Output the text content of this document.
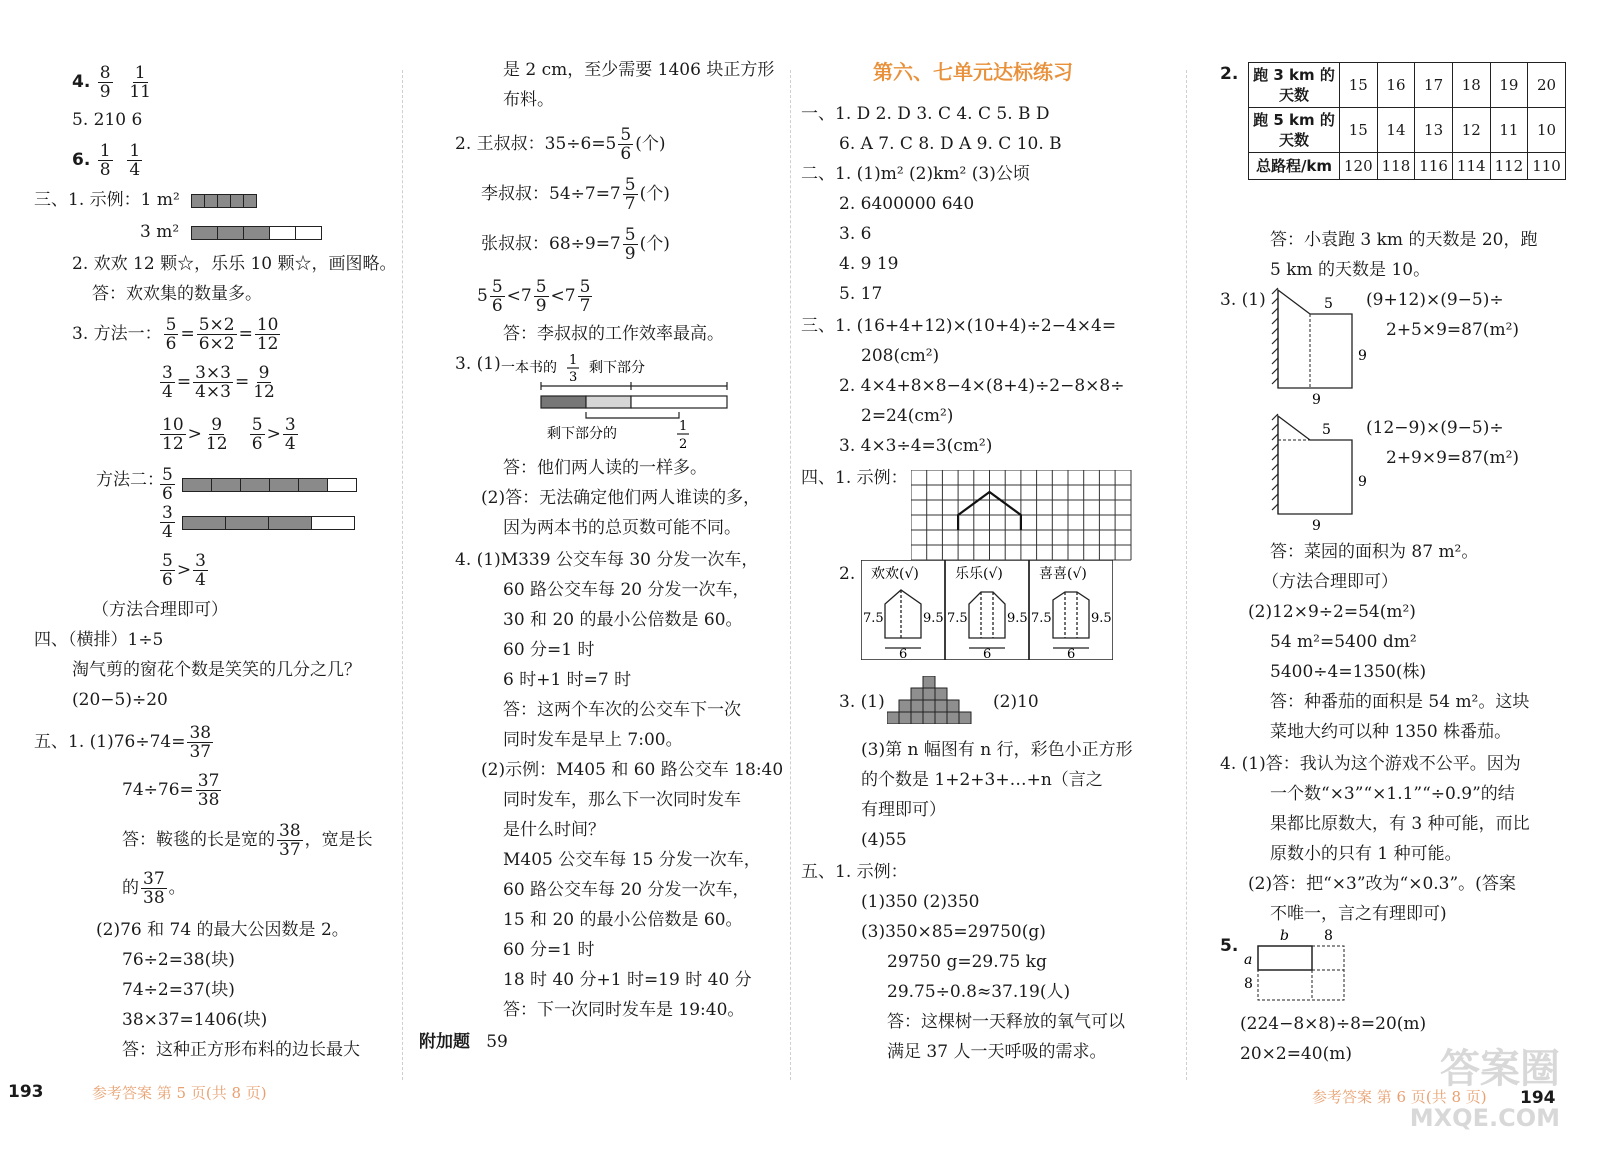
4. $\frac{8}{9}$
$\frac{1}{11}$
5. 210 6
6. $\frac{1}{8}$
$\frac{1}{4}$
三、1. 示例：1 m²
3 m²
2. 欢欢 12 颗☆，乐乐 10 颗☆，画图略。
答：欢欢集的数量多。
3. 方法一： $\frac{5}{6} = \frac{5\times 2}{6\times 2} = \frac{10}{12}$
$\frac{3}{4} = \frac{3\times 3}{4\times 3} = \frac{9}{12}$
$\frac{10}{12} > \frac{9}{12}$
$\frac{5}{6} > \frac{3}{4}$
方法二：
$\frac{5}{6}$

$\frac{3}{4}$

$\frac{5}{6} > \frac{3}{4}$
（方法合理即可）
四、（横排）1÷5
淘气剪的窗花个数是笑笑的几分之几？
(20−5)÷20
五、1. $(1)76\div 74= \frac{38}{37}$
$74\div 76= \frac{37}{38}$
答：鞍毯的长是宽的 $\frac{38}{37}$ ，宽是长
的 $\frac{37}{38}$ 。
(2)76 和 74 的最大公因数是 2。
76÷2=38(块)
74÷2=37(块)
38×37=1406(块)
答：这种正方形布料的边长最大
是 2 cm，至少需要 1406 块正方形
布料。
2. 王叔叔：$35\div 6=5 \frac{5}{6}$ (个)
李叔叔：$54\div 7=7 \frac{5}{7}$ (个)
张叔叔：$68\div 9=7 \frac{5}{9}$ (个)
$5 \frac{5}{6} <7 \frac{5}{9} <7 \frac{5}{7}$
答：李叔叔的工作效率最高。
3. (1) 一本书的 1
3
剩下部分
剩下部分的	1
2
答：他们两人读的一样多。
(2)答：无法确定他们两人谁读的多，
因为两本书的总页数可能不同。
4. (1)M339 公交车每 30 分发一次车，
60 路公交车每 20 分发一次车，
30 和 20 的最小公倍数是 60。
60 分=1 时
6 时+1 时=7 时
答：这两个车次的公交车下一次
同时发车是早上 7:00。
(2)示例：M405 和 60 路公交车 18:40
同时发车，那么下一次同时发车
是什么时间？
M405 公交车每 15 分发一次车，
60 路公交车每 20 分发一次车，
15 和 20 的最小公倍数是 60。
60 分=1 时
18 时 40 分+1 时=19 时 40 分
答：下一次同时发车是 19:40。
附加题 59
第六、七单元达标练习
一、1. D 2. D 3. C 4. C 5. B D
6. A 7. C 8. D A 9. C 10. B
二、1. (1)m² (2)km² (3)公顷
2. 6400000 640
3. 6
4. 9 19
5. 17
三、1. (16+4+12)×(10+4)÷2−4×4=
208(cm²)
2. 4×4+8×8−4×(8+4)÷2−8×8÷
2=24(cm²)
3. 4×3÷4=3(cm²)
四、1. 示例：
2. 欢欢(√)	乐乐(√)	喜喜(√)
7.5	9.5
6
7.5	9.5
6
7.5	9.5
6
3. (1)	(2)10
(3)第 n 幅图有 n 行，彩色小正方形
的个数是 1+2+3+…+n（言之
有理即可）
(4)55
五、1. 示例：
(1)350 (2)350
(3)350×85=29750(g)
29750 g=29.75 kg
29.75÷0.8≈37.19(人)
答：这棵树一天释放的氧气可以
满足 37 人一天呼吸的需求。
2. 跑 3 km 的天数	15	16	17	18	19	20
跑 5 km 的天数	15	14	13	12	11	10
总路程/km	120	118	116	114	112	110
答：小袁跑 3 km 的天数是 20，跑
5 km 的天数是 10。
3. (1)	5
9
9
(9+12)×(9−5)÷
2+5×9=87(m²)
5
9
9
(12−9)×(9−5)÷
2+9×9=87(m²)
答：菜园的面积为 87 m²。
（方法合理即可）
(2)12×9÷2=54(m²)
54 m²=5400 dm²
5400÷4=1350(株)
答：种番茄的面积是 54 m²。这块
菜地大约可以种 1350 株番茄。
4. (1)答：我认为这个游戏不公平。因为
一个数“×3”“×1.1”“÷0.9”的结
果都比原数大，有 3 种可能，而比
原数小的只有 1 种可能。
(2)答：把“×3”改为“×0.3”。(答案
不唯一，言之有理即可)
5.	b	8
a
8
(224−8×8)÷8=20(m)
20×2=40(m)
193	参考答案 第 5 页(共 8 页)	参考答案 第 6 页(共 8 页) 194
答案圈
MXQE.COM
